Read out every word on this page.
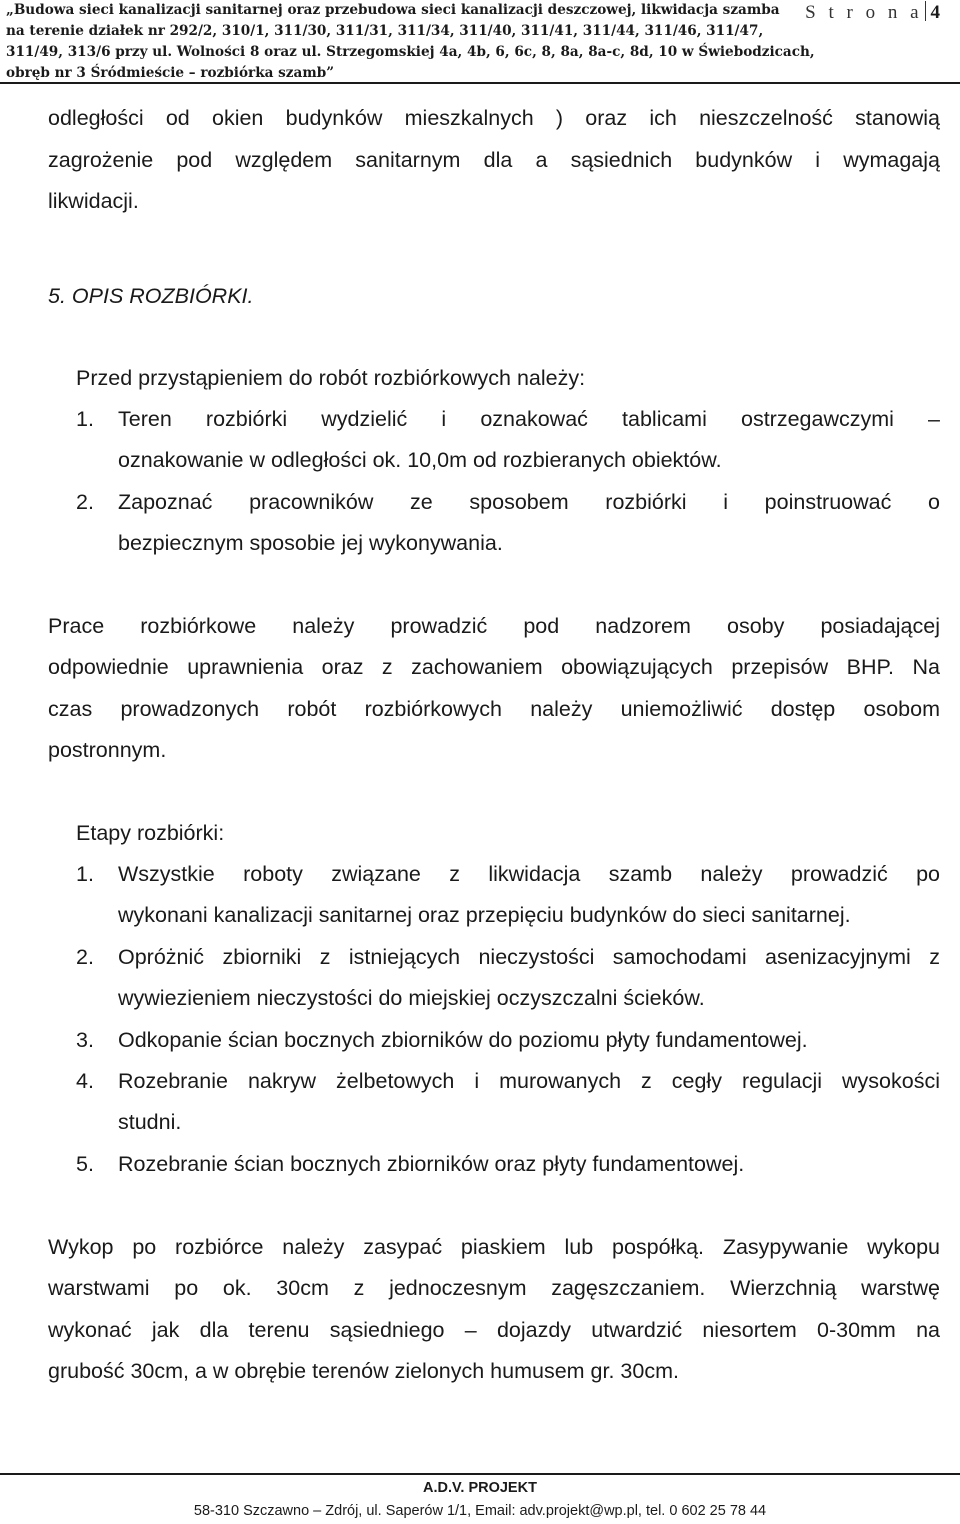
„Budowa sieci kanalizacji sanitarnej oraz przebudowa sieci kanalizacji deszczowej, likwidacja szamba
na terenie działek nr 292/2, 310/1, 311/30, 311/31, 311/34, 311/40, 311/41, 311/44, 311/46, 311/47,
311/49, 313/6 przy ul. Wolności 8 oraz ul. Strzegomskiej 4a, 4b, 6, 6c, 8, 8a, 8a-c, 8d, 10 w Świebodzicach,
obręb nr 3 Śródmieście – rozbiórka szamb”
S t r o n a 4
odległości od okien budynków mieszkalnych ) oraz ich nieszczelność stanowią
zagrożenie pod względem sanitarnym dla a sąsiednich budynków i wymagają
likwidacji.
5. OPIS ROZBIÓRKI.
Przed przystąpieniem do robót rozbiórkowych należy:
1. Teren rozbiórki wydzielić i oznakować tablicami ostrzegawczymi –
oznakowanie w odległości ok. 10,0m od rozbieranych obiektów.
2. Zapoznać pracowników ze sposobem rozbiórki i poinstruować o
bezpiecznym sposobie jej wykonywania.
Prace rozbiórkowe należy prowadzić pod nadzorem osoby posiadającej
odpowiednie uprawnienia oraz z zachowaniem obowiązujących przepisów BHP. Na
czas prowadzonych robót rozbiórkowych należy uniemożliwić dostęp osobom
postronnym.
Etapy rozbiórki:
1. Wszystkie roboty związane z likwidacja szamb należy prowadzić po
wykonani kanalizacji sanitarnej oraz przepięciu budynków do sieci sanitarnej.
2. Opróżnić zbiorniki z istniejących nieczystości samochodami asenizacyjnymi z
wywiezieniem nieczystości do miejskiej oczyszczalni ścieków.
3. Odkopanie ścian bocznych zbiorników do poziomu płyty fundamentowej.
4. Rozebranie nakryw żelbetowych i murowanych z cegły regulacji wysokości
studni.
5. Rozebranie ścian bocznych zbiorników oraz płyty fundamentowej.
Wykop po rozbiórce należy zasypać piaskiem lub pospółką. Zasypywanie wykopu
warstwami po ok. 30cm z jednoczesnym zagęszczaniem. Wierzchnią warstwę
wykonać jak dla terenu sąsiedniego – dojazdy utwardzić niesortem 0-30mm na
grubość 30cm, a w obrębie terenów zielonych humusem gr. 30cm.
A.D.V. PROJEKT
58-310 Szczawno – Zdrój, ul. Saperów 1/1, Email: adv.projekt@wp.pl, tel. 0 602 25 78 44
